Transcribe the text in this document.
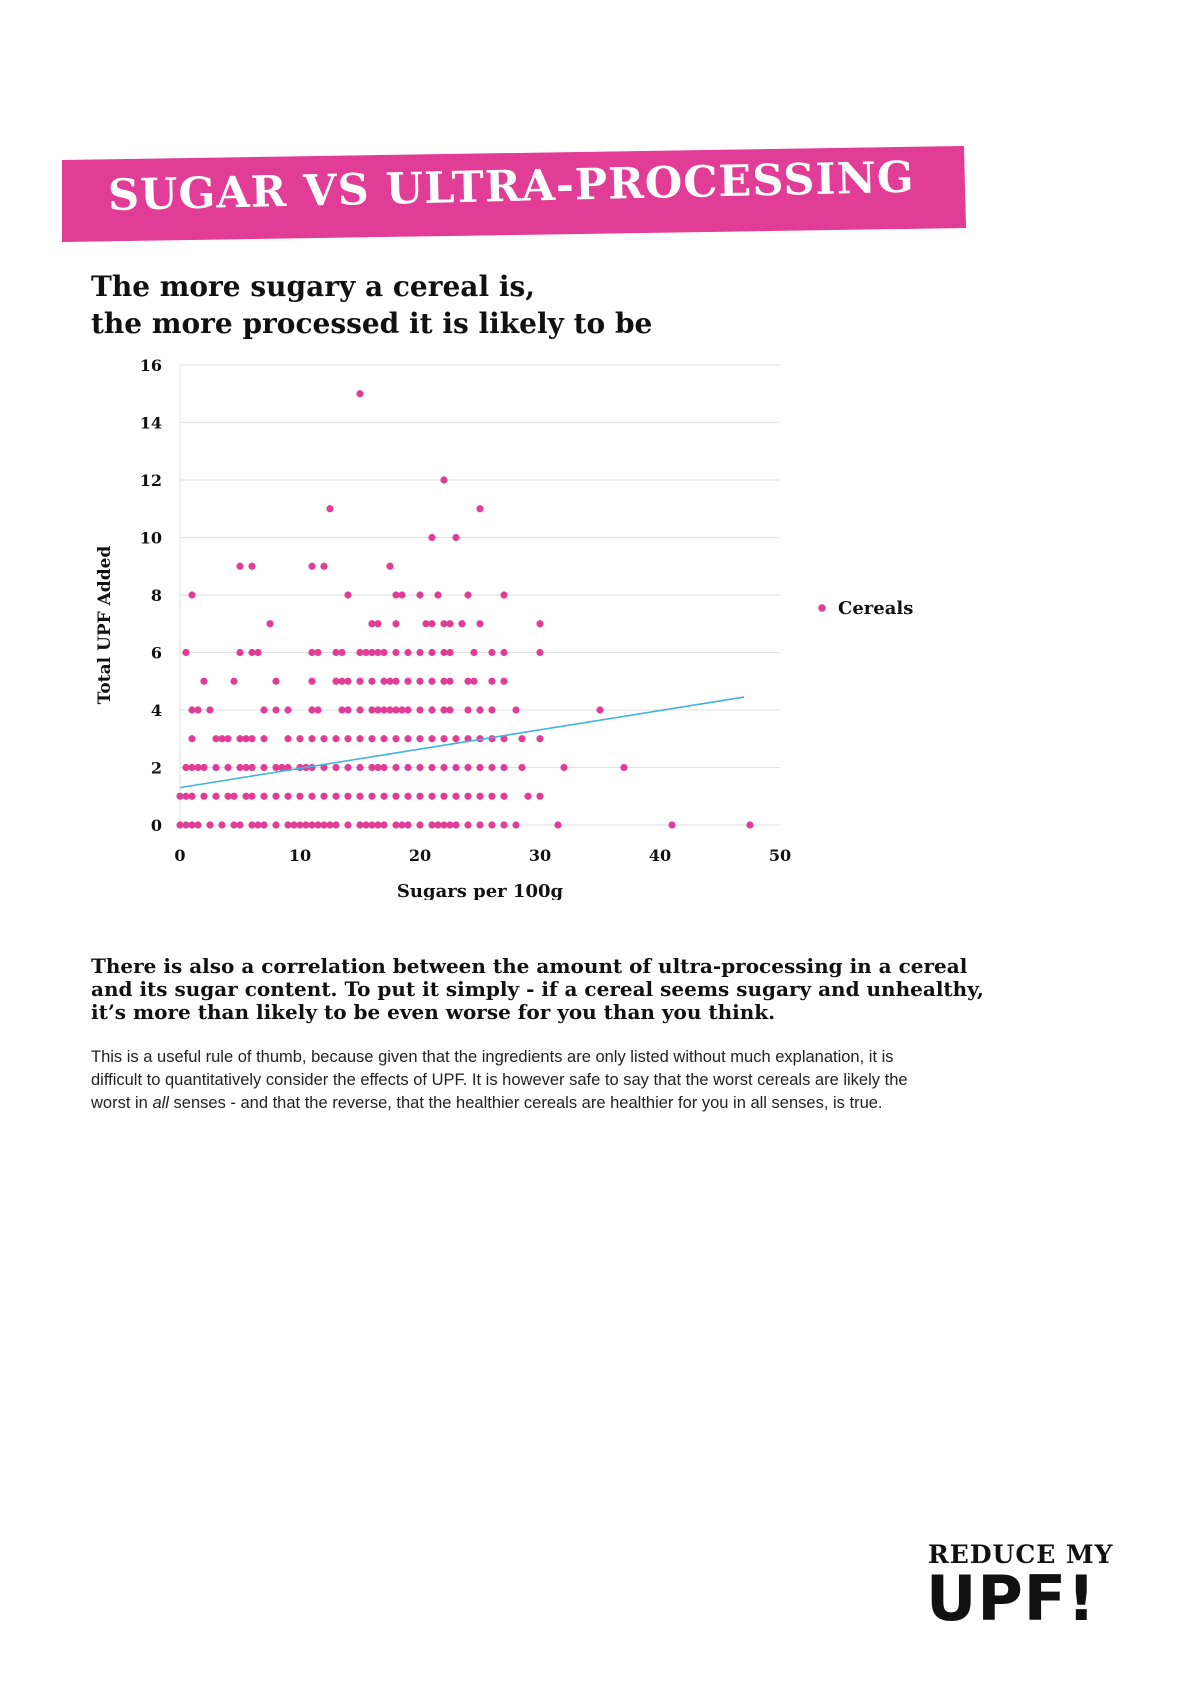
SUGAR VS ULTRA-PROCESSING
The more sugary a cereal is,
the more processed it is likely to be
0
2
4
6
8
10
12
14
16
0	10	20	30	40	50
Sugars per 100g
Total UPF Added	Cereals
There is also a correlation between the amount of ultra-processing in a cereal
and its sugar content. To put it simply - if a cereal seems sugary and unhealthy,
it’s more than likely to be even worse for you than you think.
This is a useful rule of thumb, because given that the ingredients are only listed without much explanation, it is
difficult to quantitatively consider the effects of UPF. It is however safe to say that the worst cereals are likely the
worst in all senses - and that the reverse, that the healthier cereals are healthier for you in all senses, is true.
REDUCE MY
UPF!
